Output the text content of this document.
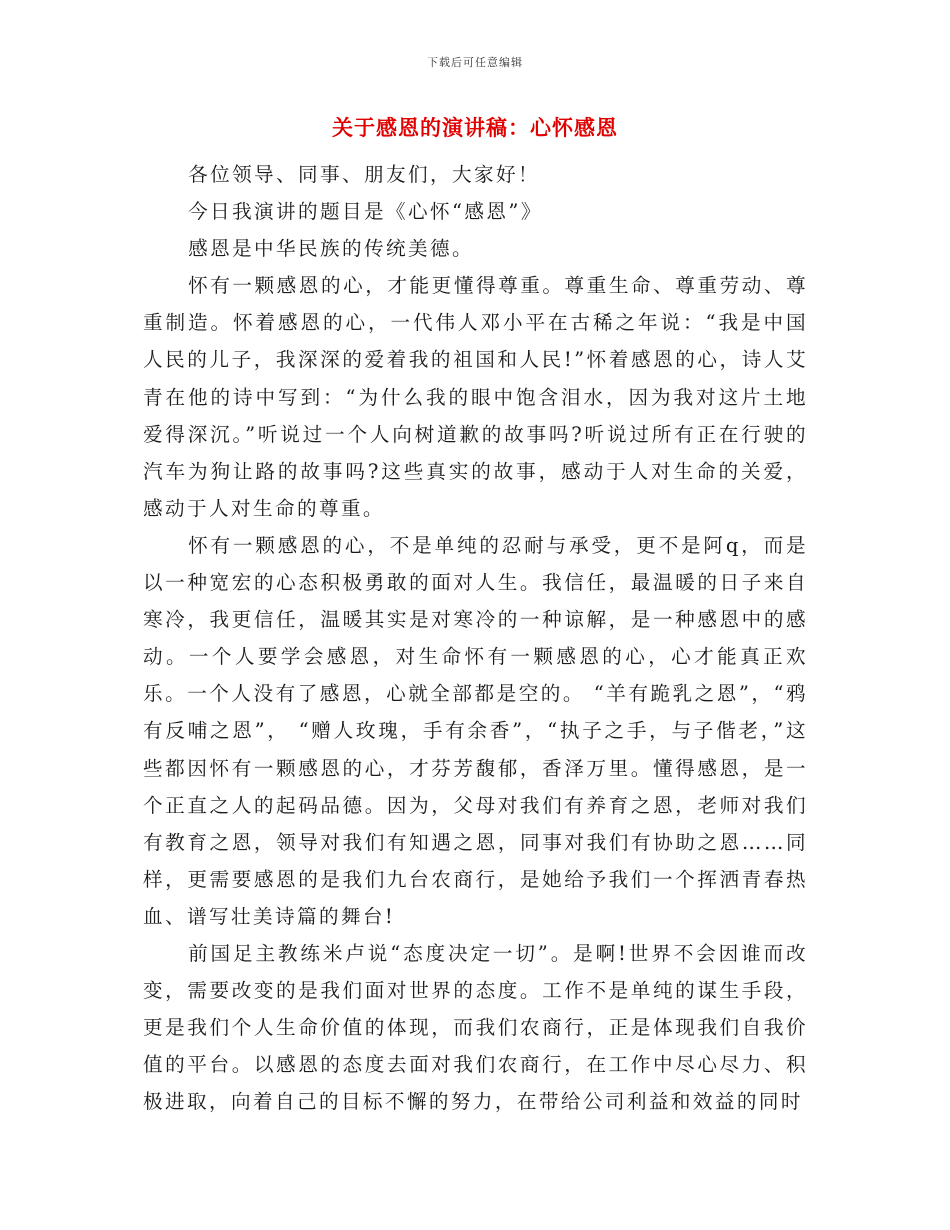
下载后可任意编辑
关于感恩的演讲稿：心怀感恩

各位领导、同事、朋友们，大家好！

今日我演讲的题目是《心怀“感恩”》

感恩是中华民族的传统美德。

怀有一颗感恩的心，才能更懂得尊重。尊重生命、尊重劳动、尊重制造。怀着感恩的心，一代伟人邓小平在古稀之年说：“我是中国人民的儿子，我深深的爱着我的祖国和人民!”怀着感恩的心，诗人艾青在他的诗中写到：“为什么我的眼中饱含泪水，因为我对这片土地爱得深沉。”听说过一个人向树道歉的故事吗?听说过所有正在行驶的汽车为狗让路的故事吗?这些真实的故事，感动于人对生命的关爱，感动于人对生命的尊重。

怀有一颗感恩的心，不是单纯的忍耐与承受，更不是阿q，而是以一种宽宏的心态积极勇敢的面对人生。我信任，最温暖的日子来自寒冷，我更信任，温暖其实是对寒冷的一种谅解，是一种感恩中的感动。一个人要学会感恩，对生命怀有一颗感恩的心，心才能真正欢乐。一个人没有了感恩，心就全部都是空的。 “羊有跪乳之恩”，“鸦有反哺之恩”， “赠人玫瑰，手有余香”，“执子之手，与子偕老，”这些都因怀有一颗感恩的心，才芬芳馥郁，香泽万里。懂得感恩，是一个正直之人的起码品德。因为，父母对我们有养育之恩，老师对我们有教育之恩，领导对我们有知遇之恩，同事对我们有协助之恩……同样，更需要感恩的是我们九台农商行，是她给予我们一个挥洒青春热血、谱写壮美诗篇的舞台!

前国足主教练米卢说“态度决定一切”。是啊!世界不会因谁而改变，需要改变的是我们面对世界的态度。工作不是单纯的谋生手段，更是我们个人生命价值的体现，而我们农商行，正是体现我们自我价值的平台。以感恩的态度去面对我们农商行，在工作中尽心尽力、积极进取，向着自己的目标不懈的努力，在带给公司利益和效益的同时
